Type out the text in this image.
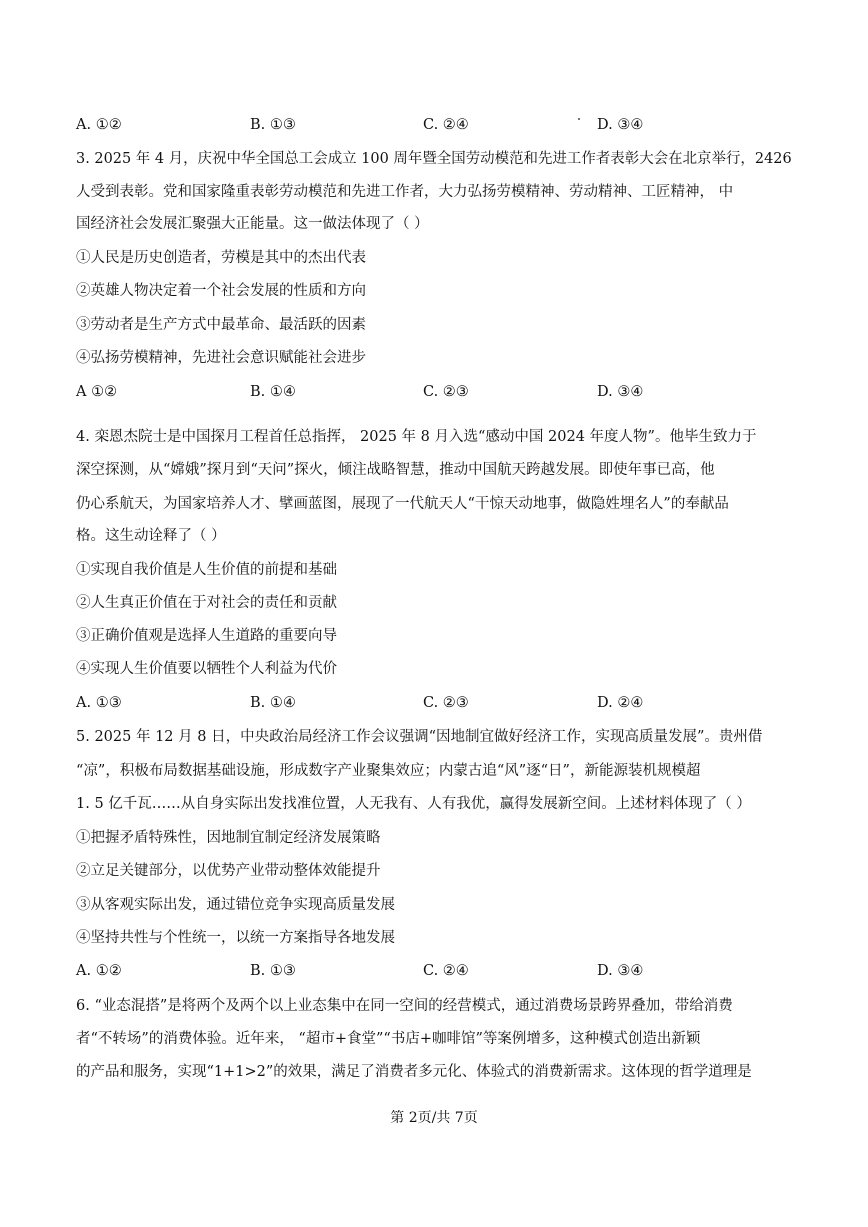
A. ①②	B. ①③	C. ②④	D. ③④
3. 2025 年 4 月，庆祝中华全国总工会成立 100 周年暨全国劳动模范和先进工作者表彰大会在北京举行，2426
人受到表彰。党和国家隆重表彰劳动模范和先进工作者，大力弘扬劳模精神、劳动精神、工匠精神， 中
国经济社会发展汇聚强大正能量。这一做法体现了（ ）
①人民是历史创造者，劳模是其中的杰出代表
②英雄人物决定着一个社会发展的性质和方向
③劳动者是生产方式中最革命、最活跃的因素
④弘扬劳模精神，先进社会意识赋能社会进步
A ①②	B. ①④	C. ②③	D. ③④
4. 栾恩杰院士是中国探月工程首任总指挥， 2025 年 8 月入选“感动中国 2024 年度人物”。他毕生致力于
深空探测，从“嫦娥”探月到“天问”探火，倾注战略智慧，推动中国航天跨越发展。即使年事已高，他
仍心系航天，为国家培养人才、擘画蓝图，展现了一代航天人“干惊天动地事，做隐姓埋名人”的奉献品
格。这生动诠释了（ ）
①实现自我价值是人生价值的前提和基础
②人生真正价值在于对社会的责任和贡献
③正确价值观是选择人生道路的重要向导
④实现人生价值要以牺牲个人利益为代价
A. ①③	B. ①④	C. ②③	D. ②④
5. 2025 年 12 月 8 日，中央政治局经济工作会议强调“因地制宜做好经济工作，实现高质量发展”。贵州借
“凉”，积极布局数据基础设施，形成数字产业聚集效应；内蒙古追“风”逐“日”，新能源装机规模超
1. 5 亿千瓦……从自身实际出发找准位置，人无我有、人有我优，赢得发展新空间。上述材料体现了（ ）
①把握矛盾特殊性，因地制宜制定经济发展策略
②立足关键部分，以优势产业带动整体效能提升
③从客观实际出发，通过错位竞争实现高质量发展
④坚持共性与个性统一，以统一方案指导各地发展
A. ①②	B. ①③	C. ②④	D. ③④
6. “业态混搭”是将两个及两个以上业态集中在同一空间的经营模式，通过消费场景跨界叠加，带给消费
者“不转场”的消费体验。近年来， “超市+食堂”“书店+咖啡馆”等案例增多，这种模式创造出新颖
的产品和服务，实现“1+1>2”的效果，满足了消费者多元化、体验式的消费新需求。这体现的哲学道理是
第 2页/共 7页
